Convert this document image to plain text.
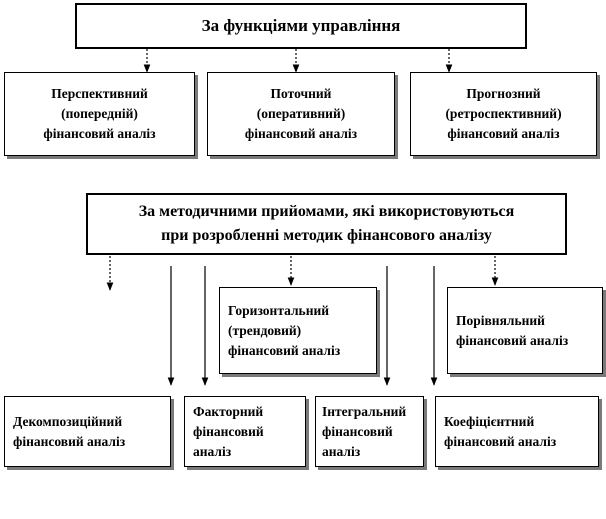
За функціями управління
Перспективний
(попередній)
фінансовий аналіз
Поточний
(оперативний)
фінансовий аналіз
Прогнозний
(ретроспективний)
фінансовий аналіз
За методичними прийомами, які використовуються
при розробленні методик фінансового аналізу
Горизонтальний
(трендовий)
фінансовий аналіз
Порівняльний
фінансовий аналіз
Декомпозиційний
фінансовий аналіз
Факторний
фінансовий
аналіз
Інтегральний
фінансовий
аналіз
Коефіцієнтний
фінансовий аналіз
